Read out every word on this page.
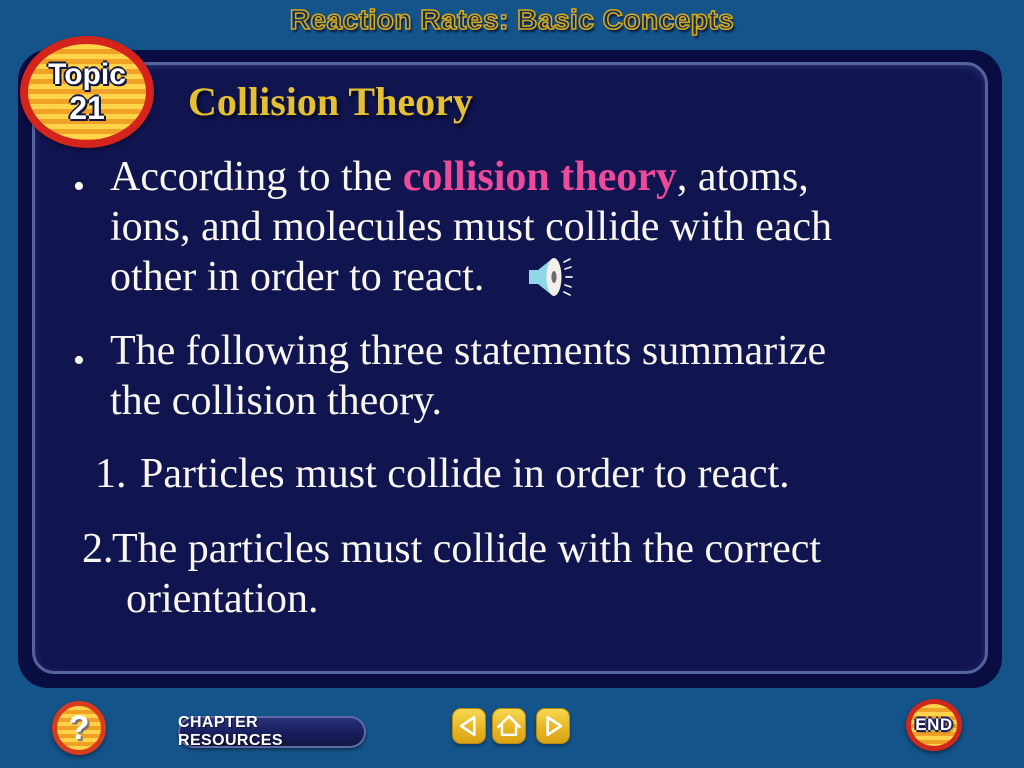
Reaction Rates: Basic Concepts
Topic
21 Collision Theory
• According to the collision theory, atoms,
ions, and molecules must collide with each
other in order to react.
• The following three statements summarize
the collision theory.
1. Particles must collide in order to react.
2.
The particles must collide with the correct
orientation.
?	CHAPTER RESOURCES
END
